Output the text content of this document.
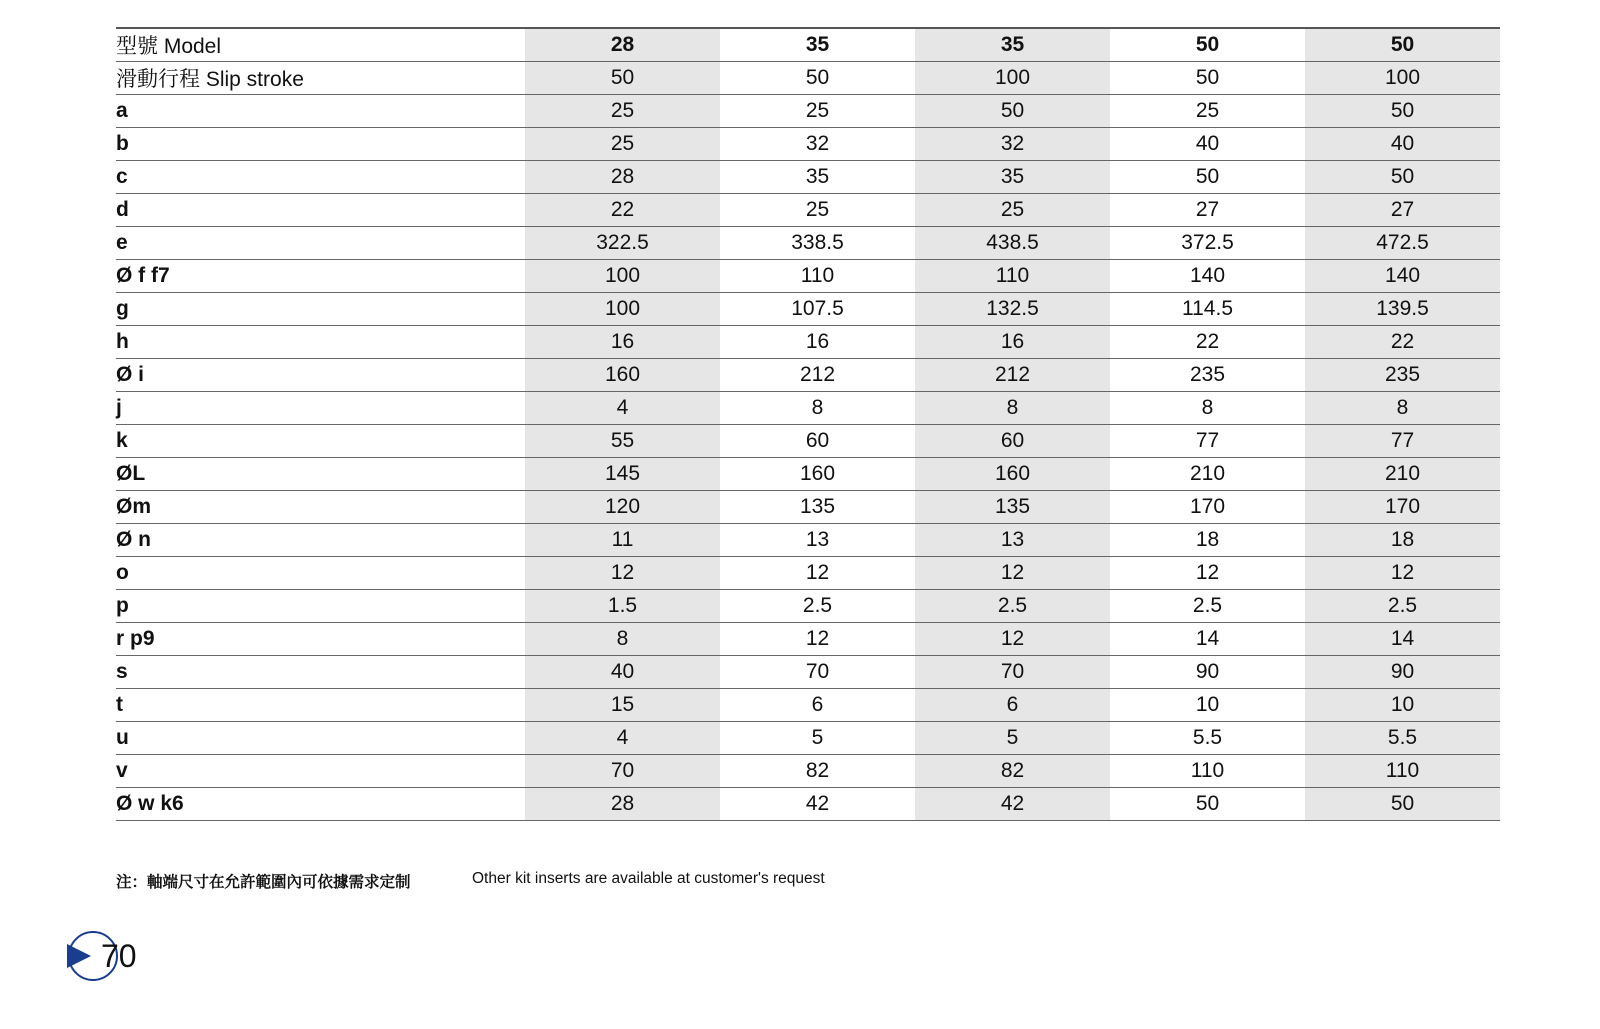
型號 Model	28	35	35	50	50
滑動行程 Slip stroke	50	50	100	50	100
a	25	25	50	25	50
b	25	32	32	40	40
c	28	35	35	50	50
d	22	25	25	27	27
e	322.5	338.5	438.5	372.5	472.5
Ø f f7	100	110	110	140	140
g	100	107.5	132.5	114.5	139.5
h	16	16	16	22	22
Ø i	160	212	212	235	235
j	4	8	8	8	8
k	55	60	60	77	77
ØL	145	160	160	210	210
Øm	120	135	135	170	170
Ø n	11	13	13	18	18
o	12	12	12	12	12
p	1.5	2.5	2.5	2.5	2.5
r p9	8	12	12	14	14
s	40	70	70	90	90
t	15	6	6	10	10
u	4	5	5	5.5	5.5
v	70	82	82	110	110
Ø w k6	28	42	42	50	50
注：軸端尺寸在允許範圍內可依據需求定制	Other kit inserts are available at customer's request
70
